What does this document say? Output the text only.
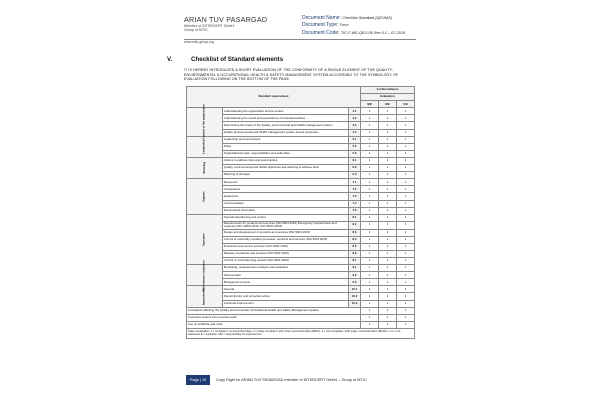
ARIAN TUV PASARGAD
Member of INTERCERT GmbH
Group of MTIC
Document Name: Checklist Standard (QEOMS)
Document Type: Form
Document Code: TIC-F-MS-QEO-06 Rev 0.1 – 07-2019
www.mtic-group.org
V.	Checklist of Standard elements
IT IS HEREBY INTRODUCED A SHORT EVALUATION OF THE CONFORMITY OF A SINGLE ELEMENT OF THE QUALITY, ENVIRONMENTAL & OCCUPATIONAL HEALTH & SAFETY MANAGEMENT SYSTEM ACCORDING TO THE SYMBOLOGY OF EVALUATION FOLLOWING ON THE BOTTOM OF THE PAGE.
Standard requirement			1st Surveillance		
			Evaluation		
			QM	EM	OH
Context of the organization	Understanding the organization and its context	4.1	1	1	1
	Understanding the needs and expectations of interested parties	4.2	1	1	1
	Determining the scope of the Quality, environmental and OH&S management system	4.3	1	1	1
	Quality, Environmental and OH&S management system and its processes	4.4	1	1	1
Leadership	Leadership and commitment	5.1	1	1	1
	Policy	5.2	1	1	1
	Organizational roles, responsibilities and authorities	5.3	1	1	1
Planning	Actions to address risks and opportunities	6.1	1	1	1
	Quality, environmental and OH&S objectives and planning to achieve them	6.2	1	1	1
	Planning of changes	6.3	1	1	1
Support	Resources	7.1	1	1	1
	Competence	7.2	1	1	1
	Awareness	7.3	1	1	1
	Communication	7.4	1	1	1
	Documented information	7.5	1	1	1
Operation	Operational planning and control	8.1	1	1	1
	Requirements for products and services (ISO 9001:2015) Emergency preparedness and response (ISO 14001:2015, ISO 45001:2018)	8.2	1	1	1
	Design and development of products and services (ISO 9001:2015)	8.3	1	1	1
	Control of externally provided processes, products and services (ISO 9001:2015)	8.4	1	1	1
	Production and service provision (ISO 9001:2015)	8.5	1	1	1
	Release of products and services (ISO 9001:2015)	8.6	1	1	1
	Control of nonconforming outputs (ISO 9001:2015)	8.7	1	1	1
Performance evaluation	Monitoring, measurement, analysis and evaluation	9.1	1	1	1
	Internal audit	9.2	1	1	1
	Management review	9.3	1	1	1
Improvement	General	10.1	1	1	1
	Nonconformity and corrective action	10.2	1	1	1
	Continual improvement	10.3	1	1	1
Complaints affecting the Quality, Environmental, Occupational Health and Safety Management System			1	1	1
Corrective actions from previous audit			1	1	1
Use of certificate and mark			1	1	1
Notes: Evaluation: 1 = compliant / no nonconformities, 2 = partly compliant / with minor nonconformities (MINC), 3 = non-compliant / with major nonconformities (MANC), n.a. = not assessed, E = exclusion, OFI = opportunities for improvement					
Page | 10	Copy Right for ARIAN TUV PASARGAD member of INTERCERT GmbH – Group of MTIC
